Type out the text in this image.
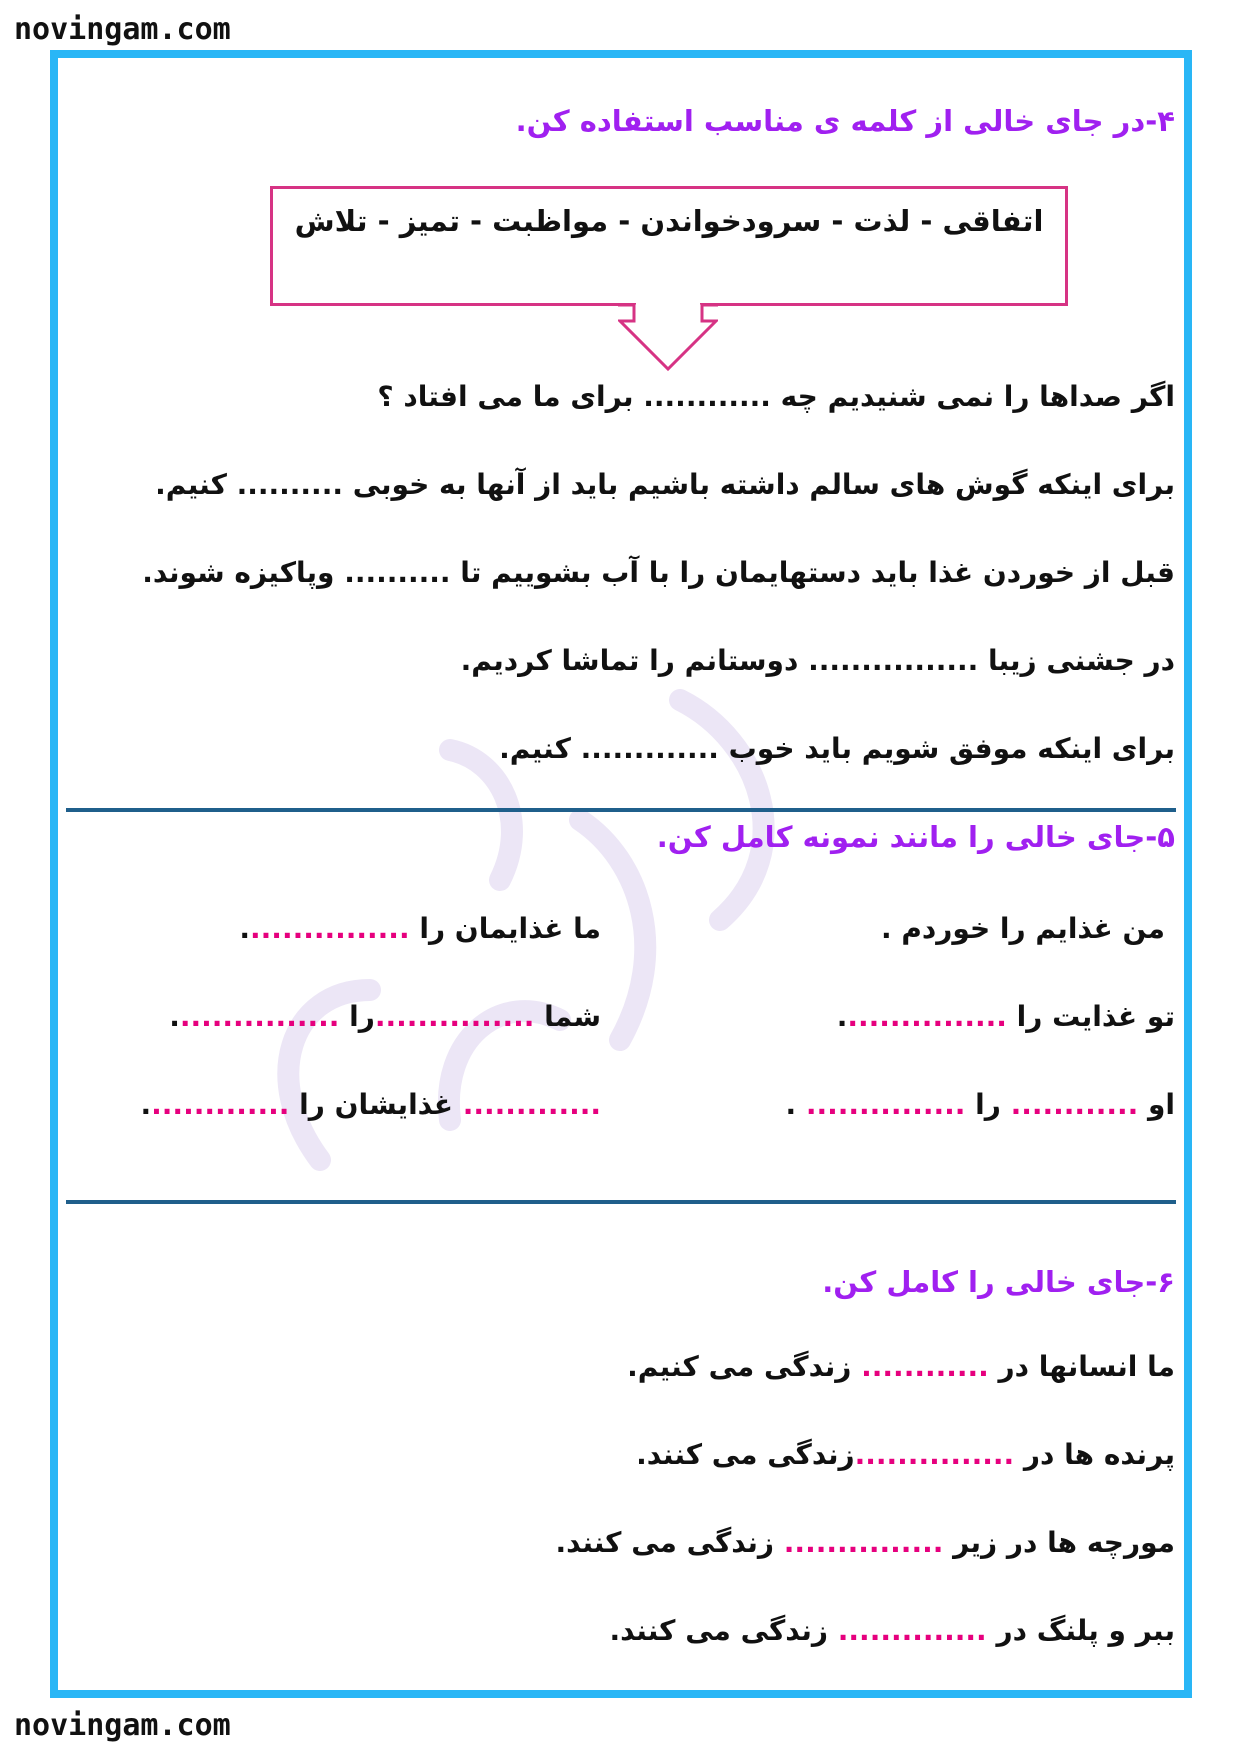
novingam.com
۴-در جای خالی از کلمه ی مناسب استفاده کن.
اتفاقی - لذت - سرودخواندن - مواظبت - تمیز - تلاش
اگر صداها را نمی شنیدیم چه ............ برای ما می افتاد ؟
برای اینکه گوش های سالم داشته باشیم باید از آنها به خوبی .......... کنیم.
قبل از خوردن غذا باید دستهایمان را با آب بشوییم تا .......... وپاکیزه شوند.
در جشنی زیبا ................ دوستانم را تماشا کردیم.
برای اینکه موفق شویم باید خوب ............. کنیم.
۵-جای خالی را مانند نمونه کامل کن.
من غذایم را خوردم .
ما غذایمان را ................
تو غذایت را ................
شما ...............را ................
او ............ را ............... .
............. غذایشان را ..............
۶-جای خالی را کامل کن.
ما انسانها در ............ زندگی می کنیم.
پرنده ها در ...............زندگی می کنند.
مورچه ها در زیر ............... زندگی می کنند.
ببر و پلنگ در .............. زندگی می کنند.
novingam.com
